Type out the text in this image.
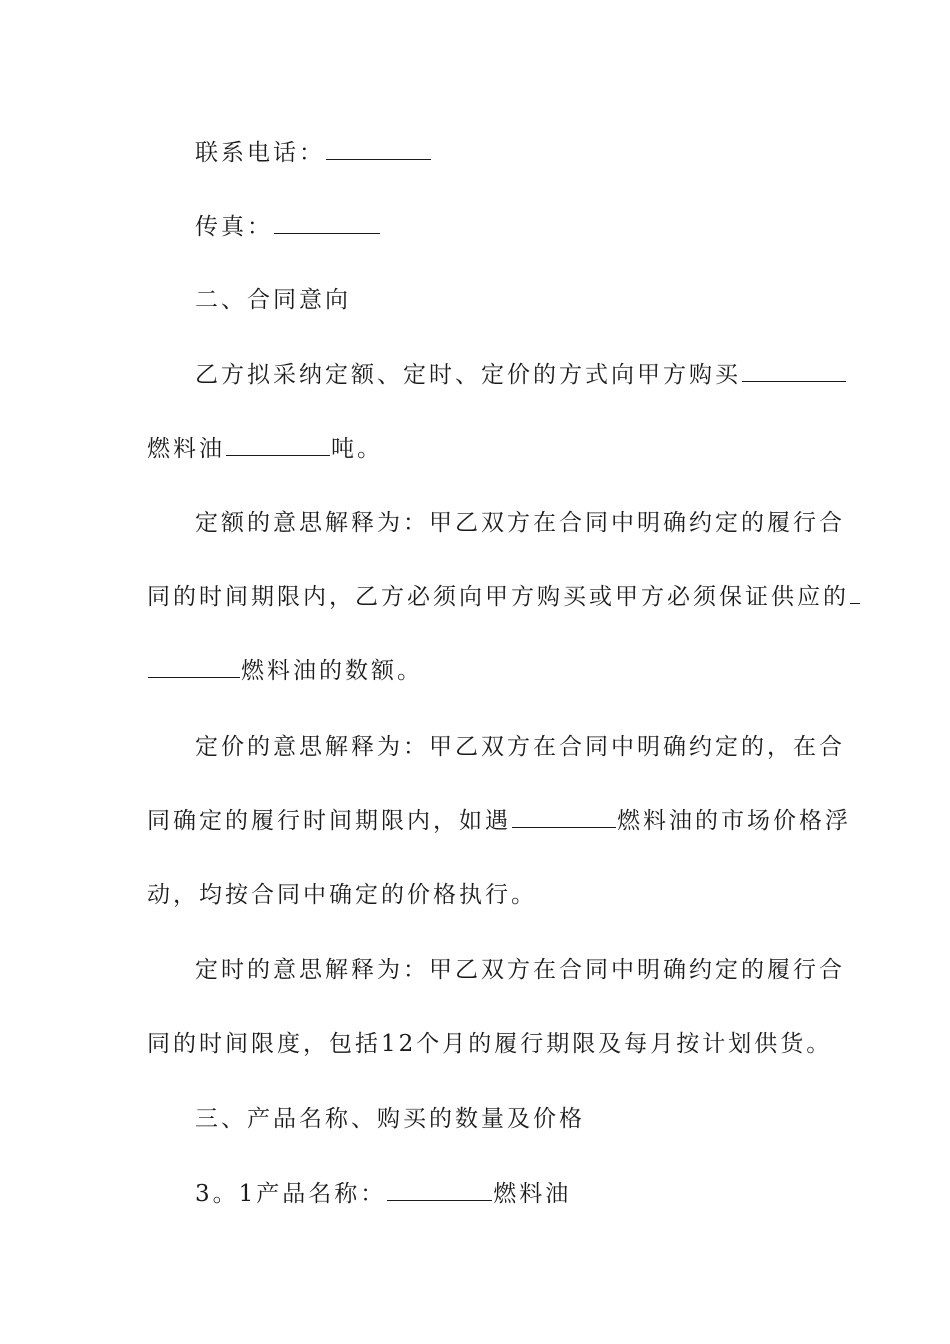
联系电话：
传真：
二、合同意向
乙方拟采纳定额、定时、定价的方式向甲方购买
燃料油	吨。
定额的意思解释为：甲乙双方在合同中明确约定的履行合
同的时间期限内，乙方必须向甲方购买或甲方必须保证供应的
燃料油的数额。
定价的意思解释为：甲乙双方在合同中明确约定的，在合
同确定的履行时间期限内，如遇	燃料油的市场价格浮
动，均按合同中确定的价格执行。
定时的意思解释为：甲乙双方在合同中明确约定的履行合
同的时间限度，包括12个月的履行期限及每月按计划供货。
三、产品名称、购买的数量及价格
3。1产品名称：	燃料油
